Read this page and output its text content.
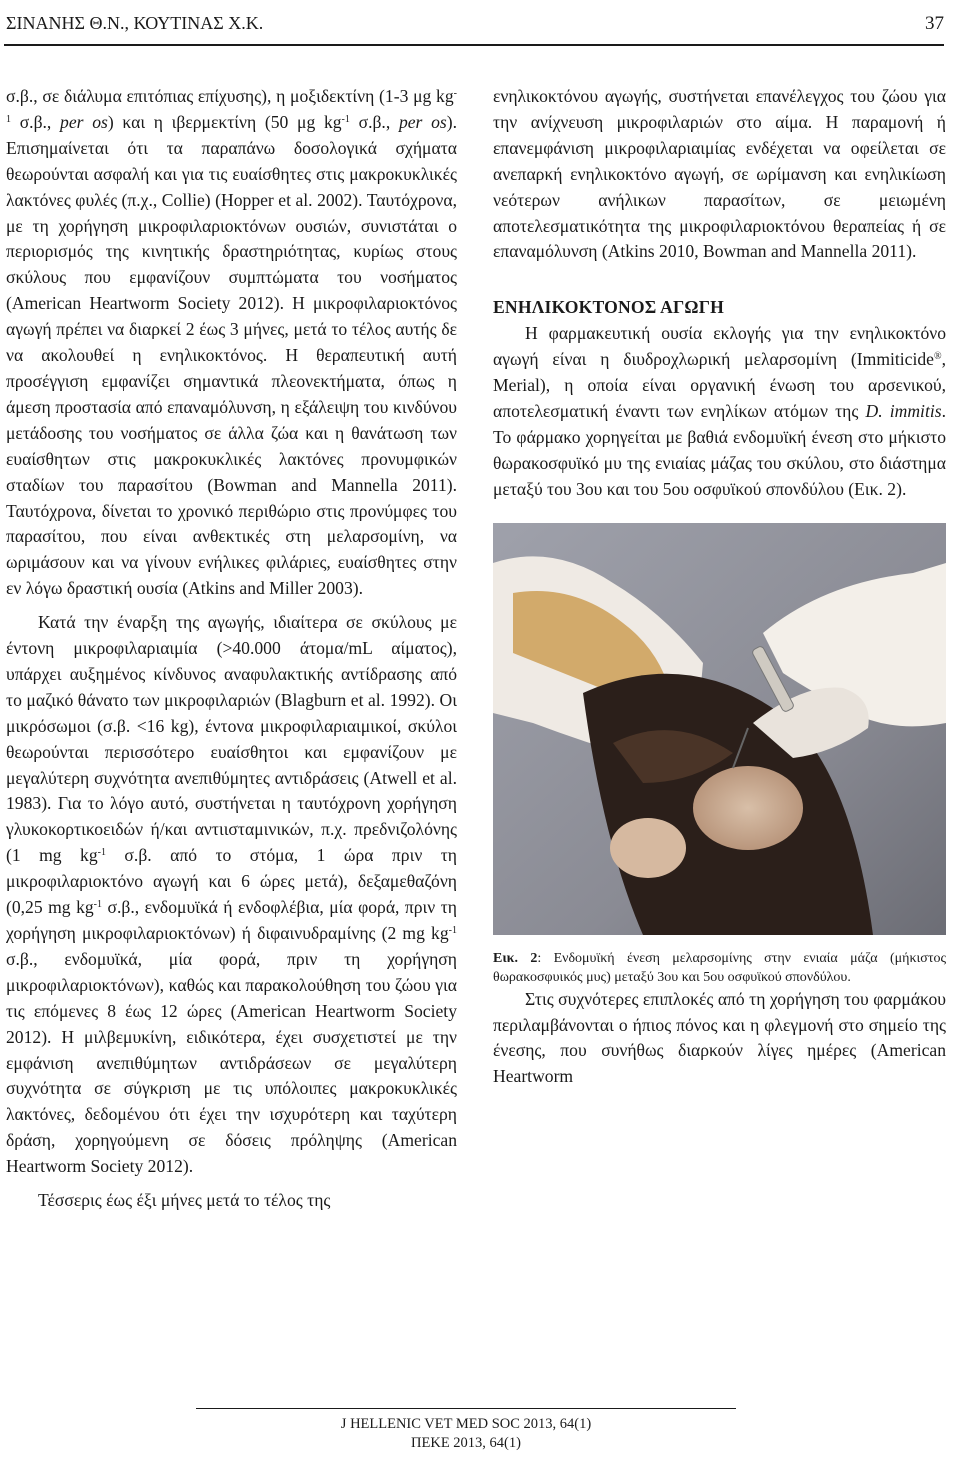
ΣΙΝΑΝΗΣ Θ.Ν., ΚΟΥΤΙΝΑΣ Χ.Κ.	37

σ.β., σε διάλυμα επιτόπιας επίχυσης), η μοξιδεκτίνη (1-3 μg $kg^{-1}$ σ.β., per os) και η ιβερμεκτίνη (50 μg $kg^{-1}$ σ.β., per os). Επισημαίνεται ότι τα παραπάνω δοσολογικά σχήματα θεωρούνται ασφαλή και για τις ευαίσθητες στις μακροκυκλικές λακτόνες φυλές (π.χ., Collie) (Hopper et al. 2002). Ταυτόχρονα, με τη χορήγηση μικροφιλαριοκτόνων ουσιών, συνιστάται ο περιορισμός της κινητικής δραστηριότητας, κυρίως στους σκύλους που εμφανίζουν συμπτώματα του νοσήματος (American Heartworm Society 2012). Η μικροφιλαριοκτόνος αγωγή πρέπει να διαρκεί 2 έως 3 μήνες, μετά το τέλος αυτής δε να ακολουθεί η ενηλικοκτόνος. Η θεραπευτική αυτή προσέγγιση εμφανίζει σημαντικά πλεονεκτήματα, όπως η άμεση προστασία από επαναμόλυνση, η εξάλειψη του κινδύνου μετάδοσης του νοσήματος σε άλλα ζώα και η θανάτωση των ευαίσθητων στις μακροκυκλικές λακτόνες προνυμφικών σταδίων του παρασίτου (Bowman and Mannella 2011). Ταυτόχρονα, δίνεται το χρονικό περιθώριο στις προνύμφες του παρασίτου, που είναι ανθεκτικές στη μελαρσομίνη, να ωριμάσουν και να γίνουν ενήλικες φιλάριες, ευαίσθητες στην εν λόγω δραστική ουσία (Atkins and Miller 2003).

Κατά την έναρξη της αγωγής, ιδιαίτερα σε σκύλους με έντονη μικροφιλαριαιμία (>40.000 άτομα/mL αίματος), υπάρχει αυξημένος κίνδυνος αναφυλακτικής αντίδρασης από το μαζικό θάνατο των μικροφιλαριών (Blagburn et al. 1992). Οι μικρόσωμοι (σ.β. <16 kg), έντονα μικροφιλαριαιμικοί, σκύλοι θεωρούνται περισσότερο ευαίσθητοι και εμφανίζουν με μεγαλύτερη συχνότητα ανεπιθύμητες αντιδράσεις (Atwell et al. 1983). Για το λόγο αυτό, συστήνεται η ταυτόχρονη χορήγηση γλυκοκορτικοειδών ή/και αντιισταμινικών, π.χ. πρεδνιζολόνης (1 mg $kg^{-1}$ σ.β. από το στόμα, 1 ώρα πριν τη μικροφιλαριοκτόνο αγωγή και 6 ώρες μετά), δεξαμεθαζόνη (0,25 mg $kg^{-1}$ σ.β., ενδομυϊκά ή ενδοφλέβια, μία φορά, πριν τη χορήγηση μικροφιλαριοκτόνων) ή διφαινυδραμίνης (2 mg $kg^{-1}$ σ.β., ενδομυϊκά, μία φορά, πριν τη χορήγηση μικροφιλαριοκτόνων), καθώς και παρακολούθηση του ζώου για τις επόμενες 8 έως 12 ώρες (American Heartworm Society 2012). Η μιλβεμυκίνη, ειδικότερα, έχει συσχετιστεί με την εμφάνιση ανεπιθύμητων αντιδράσεων σε μεγαλύτερη συχνότητα σε σύγκριση με τις υπόλοιπες μακροκυκλικές λακτόνες, δεδομένου ότι έχει την ισχυρότερη και ταχύτερη δράση, χορηγούμενη σε δόσεις πρόληψης (American Heartworm Society 2012).

Τέσσερις έως έξι μήνες μετά το τέλος της

ενηλικοκτόνου αγωγής, συστήνεται επανέλεγχος του ζώου για την ανίχνευση μικροφιλαριών στο αίμα. Η παραμονή ή επανεμφάνιση μικροφιλαριαιμίας ενδέχεται να οφείλεται σε ανεπαρκή ενηλικοκτόνο αγωγή, σε ωρίμανση και ενηλικίωση νεότερων ανήλικων παρασίτων, σε μειωμένη αποτελεσματικότητα της μικροφιλαριοκτόνου θεραπείας ή σε επαναμόλυνση (Atkins 2010, Bowman and Mannella 2011).

ΕΝΗΛΙΚΟΚΤΟΝΟΣ ΑΓΩΓΗ

Η φαρμακευτική ουσία εκλογής για την ενηλικοκτόνο αγωγή είναι η διυδροχλωρική μελαρσομίνη (Immiticide®, Merial), η οποία είναι οργανική ένωση του αρσενικού, αποτελεσματική έναντι των ενηλίκων ατόμων της D. immitis. Το φάρμακο χορηγείται με βαθιά ενδομυϊκή ένεση στο μήκιστο θωρακοσφυϊκό μυ της ενιαίας μάζας του σκύλου, στο διάστημα μεταξύ του 3ου και του 5ου οσφυϊκού σπονδύλου (Εικ. 2).

Εικ. 2: Ενδομυϊκή ένεση μελαρσομίνης στην ενιαία μάζα (μήκιστος θωρακοσφυικός μυς) μεταξύ 3ου και 5ου οσφυϊκού σπονδύλου.

Στις συχνότερες επιπλοκές από τη χορήγηση του φαρμάκου περιλαμβάνονται ο ήπιος πόνος και η φλεγμονή στο σημείο της ένεσης, που συνήθως διαρκούν λίγες ημέρες (American Heartworm

J HELLENIC VET MED SOC 2013, 64(1)
ΠΕΚΕ 2013, 64(1)
